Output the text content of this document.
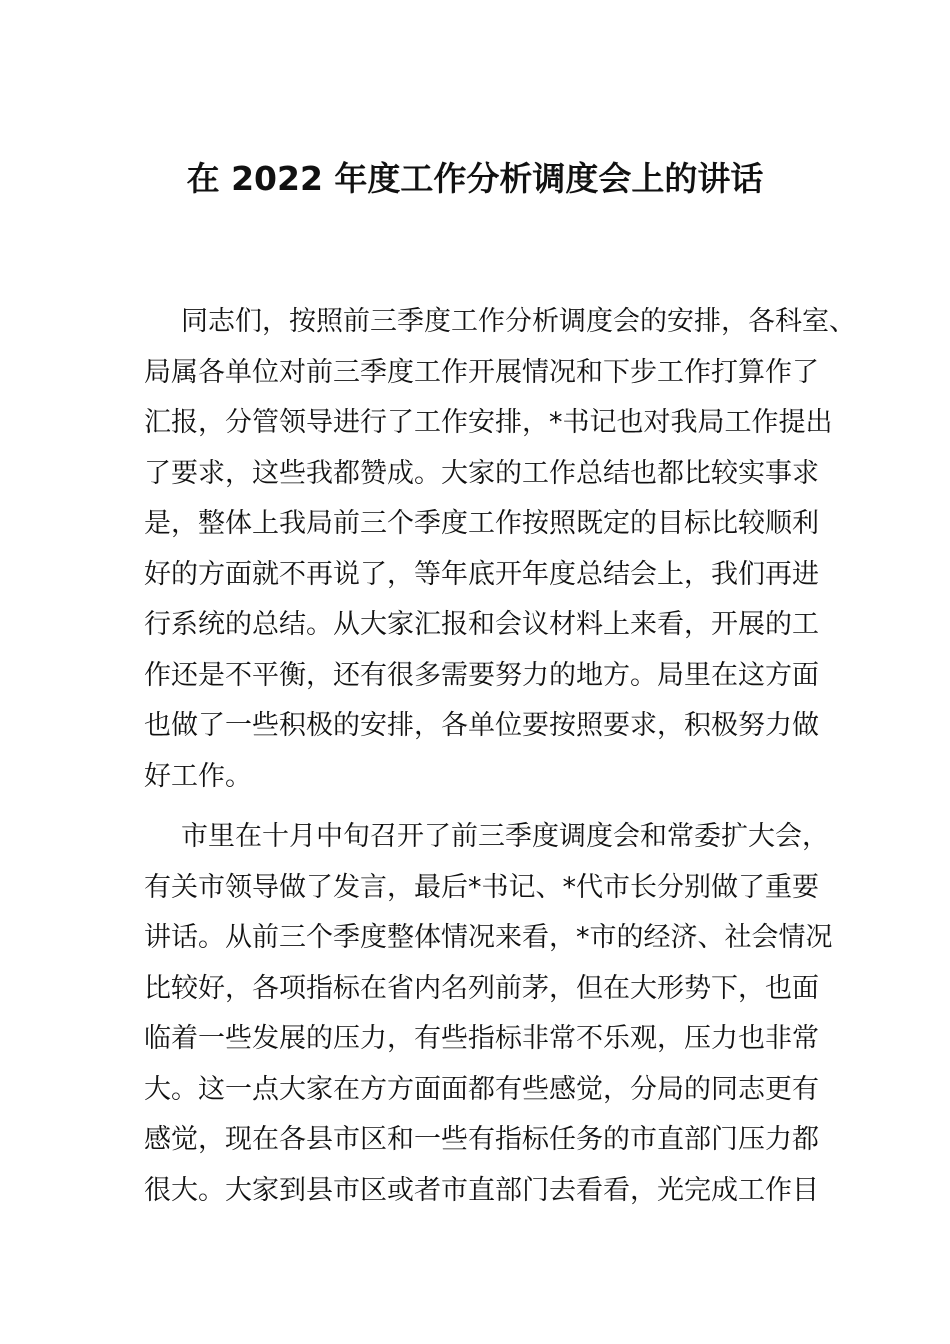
在 2022 年度工作分析调度会上的讲话
同志们，按照前三季度工作分析调度会的安排，各科室、
局属各单位对前三季度工作开展情况和下步工作打算作了
汇报，分管领导进行了工作安排，*书记也对我局工作提出
了要求，这些我都赞成。大家的工作总结也都比较实事求
是，整体上我局前三个季度工作按照既定的目标比较顺利
好的方面就不再说了，等年底开年度总结会上，我们再进
行系统的总结。从大家汇报和会议材料上来看，开展的工
作还是不平衡，还有很多需要努力的地方。局里在这方面
也做了一些积极的安排，各单位要按照要求，积极努力做
好工作。
市里在十月中旬召开了前三季度调度会和常委扩大会，
有关市领导做了发言，最后*书记、*代市长分别做了重要
讲话。从前三个季度整体情况来看，*市的经济、社会情况
比较好，各项指标在省内名列前茅，但在大形势下，也面
临着一些发展的压力，有些指标非常不乐观，压力也非常
大。这一点大家在方方面面都有些感觉，分局的同志更有
感觉，现在各县市区和一些有指标任务的市直部门压力都
很大。大家到县市区或者市直部门去看看，光完成工作目
